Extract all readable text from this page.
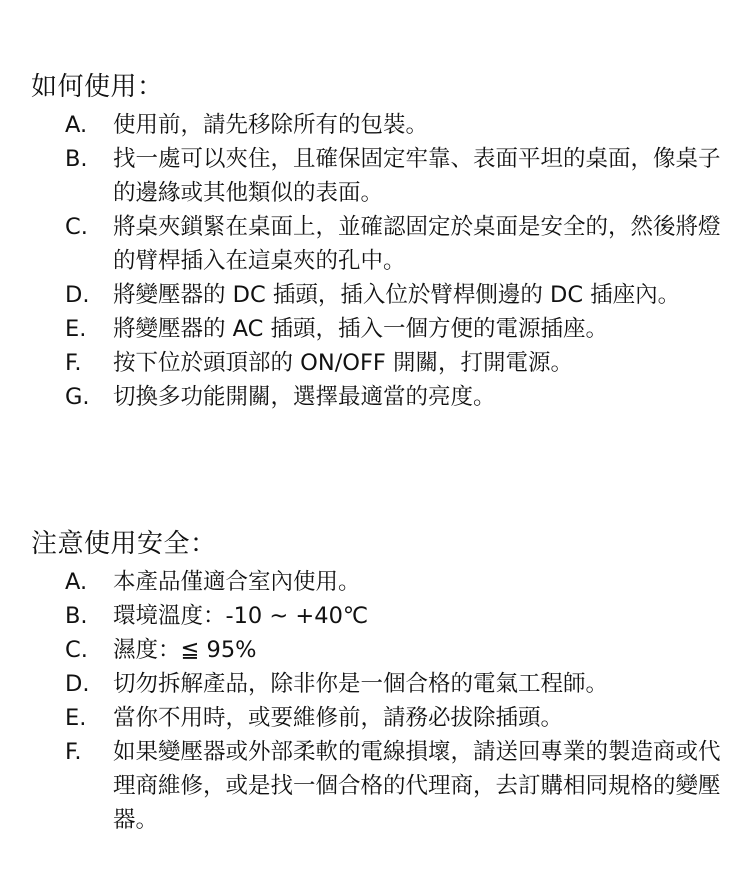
如何使用：
A.	使用前，請先移除所有的包裝。
B.	找一處可以夾住，且確保固定牢靠、表面平坦的桌面，像桌子的邊緣或其他類似的表面。
C.	將桌夾鎖緊在桌面上，並確認固定於桌面是安全的，然後將燈的臂桿插入在這桌夾的孔中。
D.	將變壓器的 DC 插頭，插入位於臂桿側邊的 DC 插座內。
E.	將變壓器的 AC 插頭，插入一個方便的電源插座。
F.	按下位於頭頂部的 ON/OFF 開關，打開電源。
G.	切換多功能開關，選擇最適當的亮度。
注意使用安全：
A.	本產品僅適合室內使用。
B.	環境溫度：-10 ~ +40℃
C.	濕度：≦ 95%
D.	切勿拆解產品，除非你是一個合格的電氣工程師。
E.	當你不用時，或要維修前，請務必拔除插頭。
F.	如果變壓器或外部柔軟的電線損壞，請送回專業的製造商或代理商維修，或是找一個合格的代理商，去訂購相同規格的變壓器。
